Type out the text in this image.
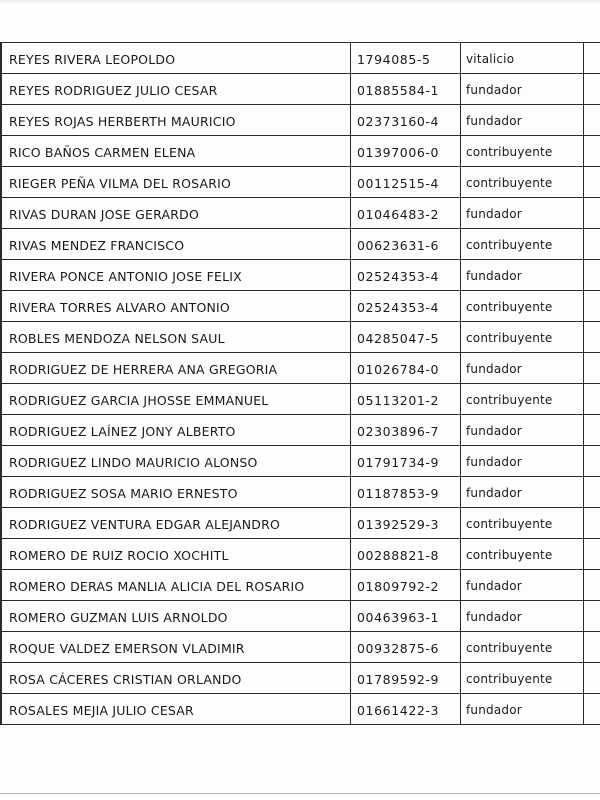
	REYES RIVERA LEOPOLDO	1794085-5	vitalicio	
	REYES RODRIGUEZ JULIO CESAR	01885584-1	fundador	
	REYES ROJAS HERBERTH MAURICIO	02373160-4	fundador	
	RICO BAÑOS CARMEN ELENA	01397006-0	contribuyente	
	RIEGER PEÑA VILMA DEL ROSARIO	00112515-4	contribuyente	
	RIVAS DURAN JOSE GERARDO	01046483-2	fundador	
	RIVAS MENDEZ FRANCISCO	00623631-6	contribuyente	
	RIVERA PONCE ANTONIO JOSE FELIX	02524353-4	fundador	
	RIVERA TORRES ALVARO ANTONIO	02524353-4	contribuyente	
	ROBLES MENDOZA NELSON SAUL	04285047-5	contribuyente	
	RODRIGUEZ DE HERRERA ANA GREGORIA	01026784-0	fundador	
	RODRIGUEZ GARCIA JHOSSE EMMANUEL	05113201-2	contribuyente	
	RODRIGUEZ LAÍNEZ JONY ALBERTO	02303896-7	fundador	
	RODRIGUEZ LINDO MAURICIO ALONSO	01791734-9	fundador	
	RODRIGUEZ SOSA MARIO ERNESTO	01187853-9	fundador	
	RODRIGUEZ VENTURA EDGAR ALEJANDRO	01392529-3	contribuyente	
	ROMERO DE RUIZ ROCIO XOCHITL	00288821-8	contribuyente	
	ROMERO DERAS MANLIA ALICIA DEL ROSARIO	01809792-2	fundador	
	ROMERO GUZMAN LUIS ARNOLDO	00463963-1	fundador	
	ROQUE VALDEZ EMERSON VLADIMIR	00932875-6	contribuyente	
	ROSA CÁCERES CRISTIAN ORLANDO	01789592-9	contribuyente	
	ROSALES MEJIA JULIO CESAR	01661422-3	fundador	
